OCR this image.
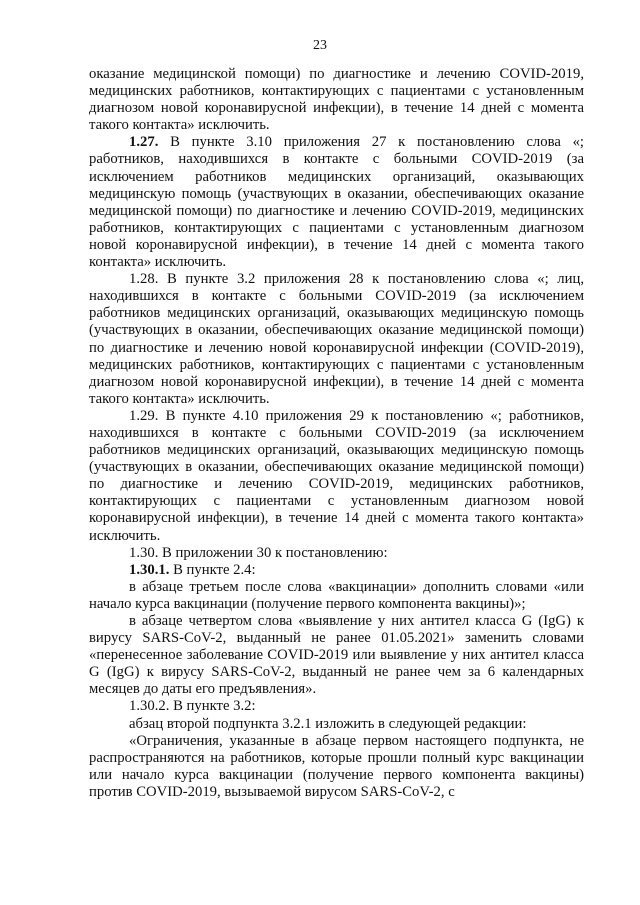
23

оказание медицинской помощи) по диагностике и лечению COVID-2019, медицинских работников, контактирующих с пациентами с установленным диагнозом новой коронавирусной инфекции), в течение 14 дней с момента такого контакта» исключить.

1.27. В пункте 3.10 приложения 27 к постановлению слова «; работников, находившихся в контакте с больными COVID-2019 (за исключением работников медицинских организаций, оказывающих медицинскую помощь (участвующих в оказании, обеспечивающих оказание медицинской помощи) по диагностике и лечению COVID-2019, медицинских работников, контактирующих с пациентами с установленным диагнозом новой коронавирусной инфекции), в течение 14 дней с момента такого контакта» исключить.

1.28. В пункте 3.2 приложения 28 к постановлению слова «; лиц, находившихся в контакте с больными COVID-2019 (за исключением работников медицинских организаций, оказывающих медицинскую помощь (участвующих в оказании, обеспечивающих оказание медицинской помощи) по диагностике и лечению новой коронавирусной инфекции (COVID-2019), медицинских работников, контактирующих с пациентами с установленным диагнозом новой коронавирусной инфекции), в течение 14 дней с момента такого контакта» исключить.

1.29. В пункте 4.10 приложения 29 к постановлению «; работников, находившихся в контакте с больными COVID-2019 (за исключением работников медицинских организаций, оказывающих медицинскую помощь (участвующих в оказании, обеспечивающих оказание медицинской помощи) по диагностике и лечению COVID-2019, медицинских работников, контактирующих с пациентами с установленным диагнозом новой коронавирусной инфекции), в течение 14 дней с момента такого контакта» исключить.

1.30. В приложении 30 к постановлению:

1.30.1. В пункте 2.4:

в абзаце третьем после слова «вакцинации» дополнить словами «или начало курса вакцинации (получение первого компонента вакцины)»;

в абзаце четвертом слова «выявление у них антител класса G (IgG) к вирусу SARS-CoV-2, выданный не ранее 01.05.2021» заменить словами «перенесенное заболевание COVID-2019 или выявление у них антител класса G (IgG) к вирусу SARS-CoV-2, выданный не ранее чем за 6 календарных месяцев до даты его предъявления».

1.30.2. В пункте 3.2:

абзац второй подпункта 3.2.1 изложить в следующей редакции:

«Ограничения, указанные в абзаце первом настоящего подпункта, не распространяются на работников, которые прошли полный курс вакцинации или начало курса вакцинации (получение первого компонента вакцины) против COVID-2019, вызываемой вирусом SARS-CoV-2, с
